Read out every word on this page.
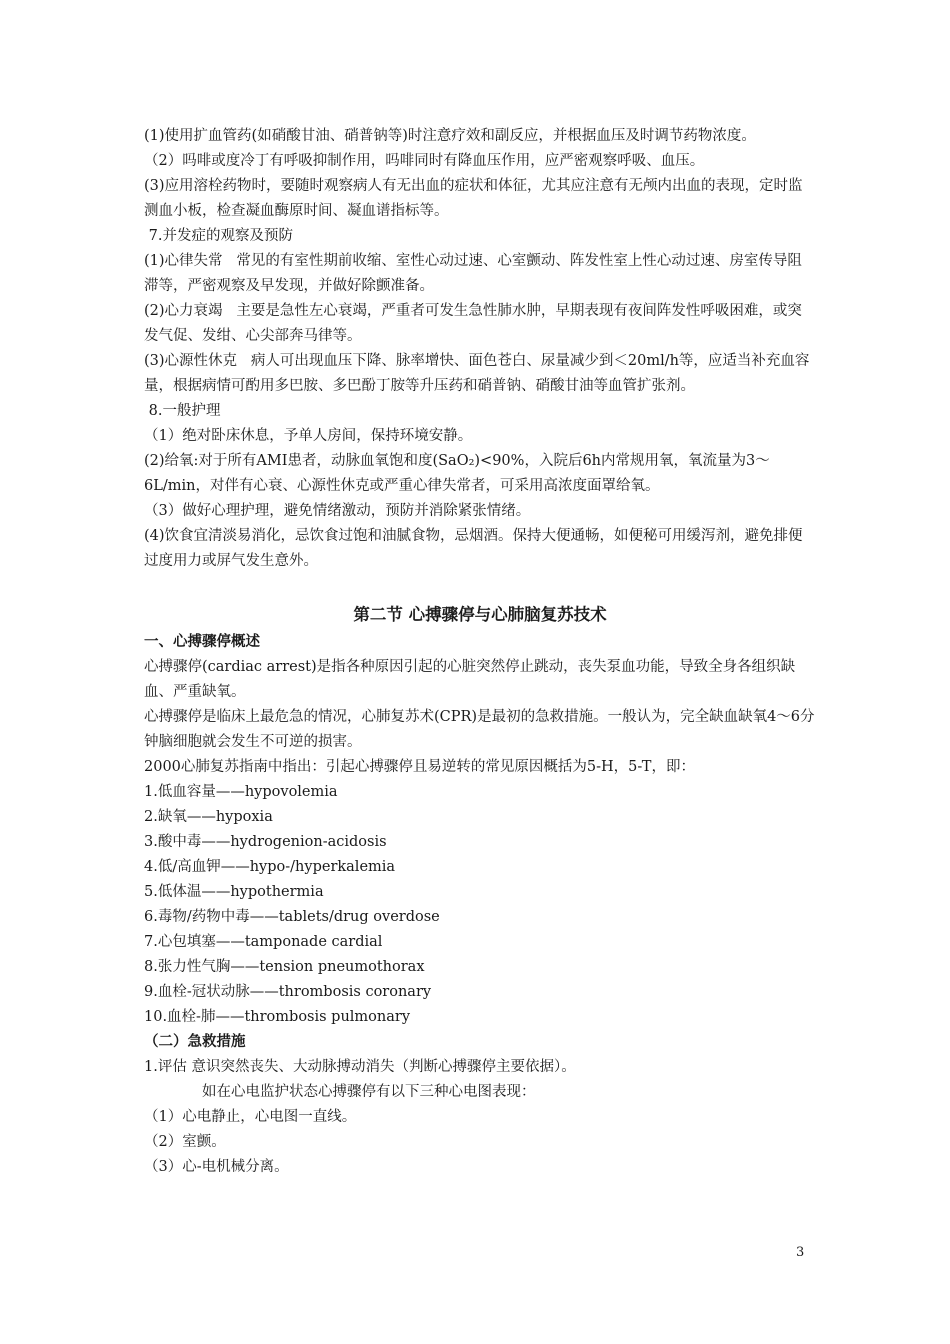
(1)使用扩血管药(如硝酸甘油、硝普钠等)时注意疗效和副反应，并根据血压及时调节药物浓度。

（2）吗啡或度冷丁有呼吸抑制作用，吗啡同时有降血压作用，应严密观察呼吸、血压。

(3)应用溶栓药物时，要随时观察病人有无出血的症状和体征，尤其应注意有无颅内出血的表现，定时监测血小板，检查凝血酶原时间、凝血谱指标等。

7.并发症的观察及预防

(1)心律失常   常见的有室性期前收缩、室性心动过速、心室颤动、阵发性室上性心动过速、房室传导阻滞等，严密观察及早发现，并做好除颤准备。

(2)心力衰竭   主要是急性左心衰竭，严重者可发生急性肺水肿，早期表现有夜间阵发性呼吸困难，或突发气促、发绀、心尖部奔马律等。

(3)心源性休克   病人可出现血压下降、脉率增快、面色苍白、尿量减少到＜20ml/h等，应适当补充血容量，根据病情可酌用多巴胺、多巴酚丁胺等升压药和硝普钠、硝酸甘油等血管扩张剂。

8.一般护理

（1）绝对卧床休息，予单人房间，保持环境安静。

(2)给氧:对于所有AMI患者，动脉血氧饱和度(SaO₂)<90%，入院后6h内常规用氧，氧流量为3～6L/min，对伴有心衰、心源性休克或严重心律失常者，可采用高浓度面罩给氧。

（3）做好心理护理，避免情绪激动，预防并消除紧张情绪。

(4)饮食宜清淡易消化，忌饮食过饱和油腻食物，忌烟酒。保持大便通畅，如便秘可用缓泻剂，避免排便过度用力或屏气发生意外。

第二节 心搏骤停与心肺脑复苏技术

一、心搏骤停概述

心搏骤停(cardiac arrest)是指各种原因引起的心脏突然停止跳动，丧失泵血功能，导致全身各组织缺血、严重缺氧。

心搏骤停是临床上最危急的情况，心肺复苏术(CPR)是最初的急救措施。一般认为，完全缺血缺氧4～6分钟脑细胞就会发生不可逆的损害。

2000心肺复苏指南中指出：引起心搏骤停且易逆转的常见原因概括为5-H，5-T，即：

1.低血容量——hypovolemia

2.缺氧——hypoxia

3.酸中毒——hydrogenion-acidosis

4.低/高血钾——hypo-/hyperkalemia

5.低体温——hypothermia

6.毒物/药物中毒——tablets/drug overdose

7.心包填塞——tamponade cardial

8.张力性气胸——tension pneumothorax

9.血栓-冠状动脉——thrombosis coronary

10.血栓-肺——thrombosis pulmonary

（二）急救措施

1.评估 意识突然丧失、大动脉搏动消失（判断心搏骤停主要依据）。

如在心电监护状态心搏骤停有以下三种心电图表现：

（1）心电静止，心电图一直线。

（2）室颤。

（3）心-电机械分离。

3
